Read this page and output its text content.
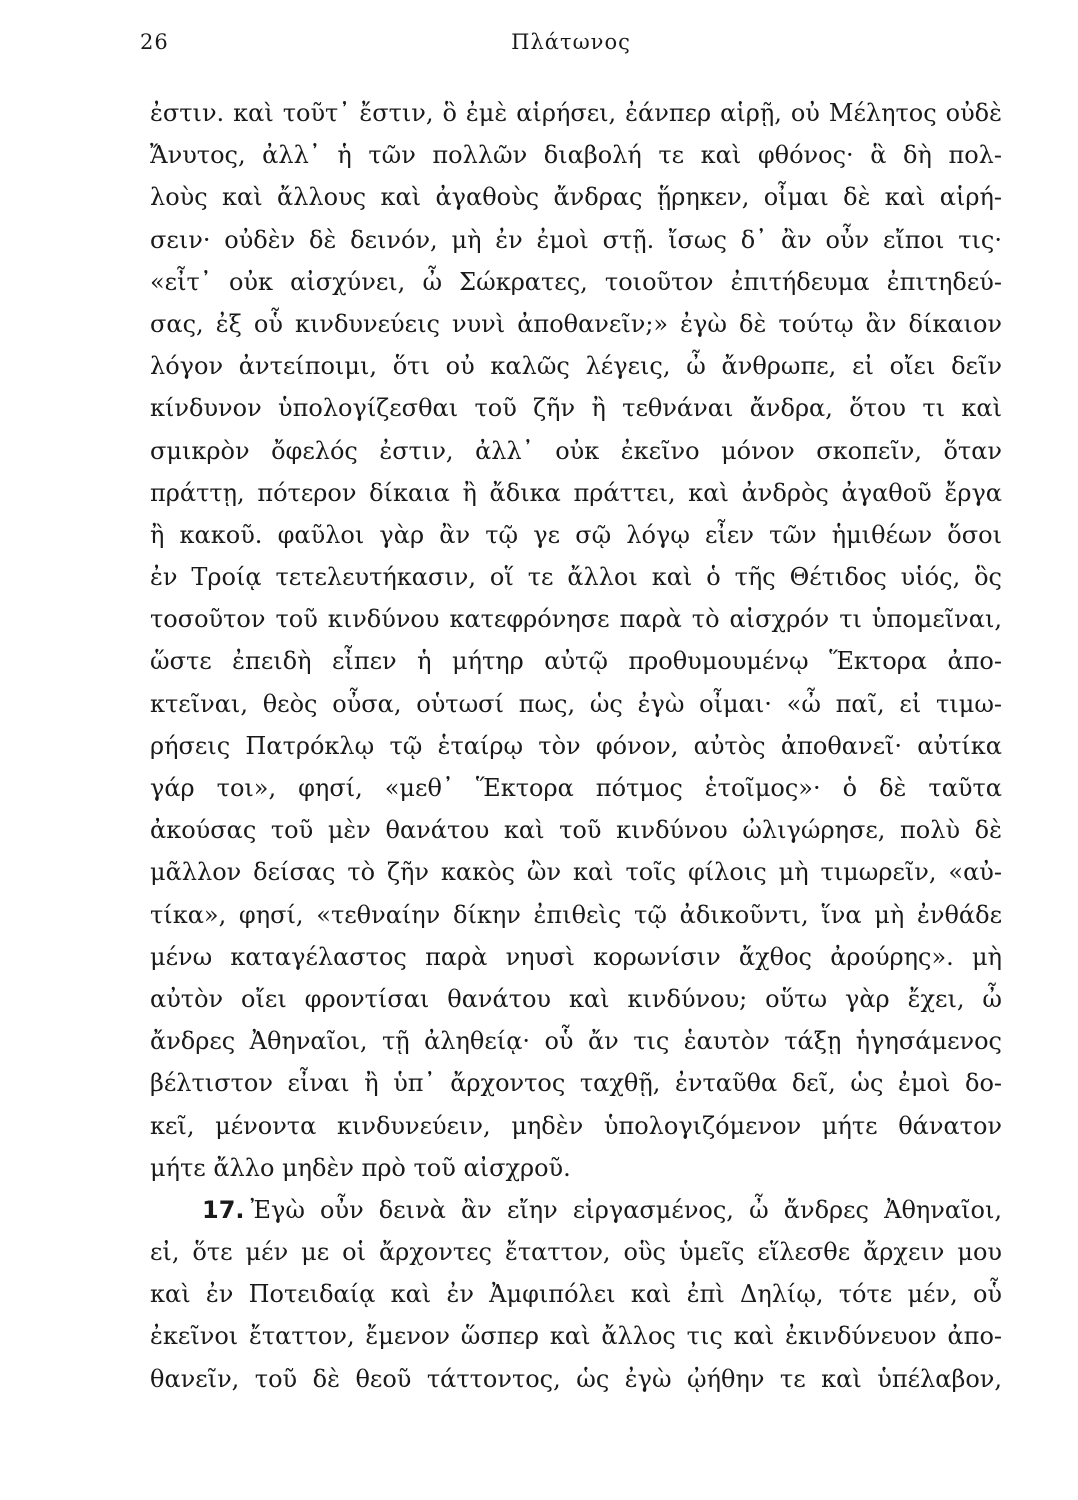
26	Πλάτωνος
ἐστιν. καὶ τοῦτ᾽ ἔστιν, ὃ ἐμὲ αἱρήσει, ἐάνπερ αἱρῇ, οὐ Μέλητος οὐδὲ
Ἄνυτος, ἀλλ᾽ ἡ τῶν πολλῶν διαβολή τε καὶ φθόνος· ἃ δὴ πολ-
λοὺς καὶ ἄλλους καὶ ἀγαθοὺς ἄνδρας ᾕρηκεν, οἶμαι δὲ καὶ αἱρή-
σειν· οὐδὲν δὲ δεινόν, μὴ ἐν ἐμοὶ στῇ. ἴσως δ᾽ ἂν οὖν εἴποι τις·
«εἶτ᾽ οὐκ αἰσχύνει, ὦ Σώκρατες, τοιοῦτον ἐπιτήδευμα ἐπιτηδεύ-
σας, ἐξ οὗ κινδυνεύεις νυνὶ ἀποθανεῖν;» ἐγὼ δὲ τούτῳ ἂν δίκαιον
λόγον ἀντείποιμι, ὅτι οὐ καλῶς λέγεις, ὦ ἄνθρωπε, εἰ οἴει δεῖν
κίνδυνον ὑπολογίζεσθαι τοῦ ζῆν ἢ τεθνάναι ἄνδρα, ὅτου τι καὶ
σμικρὸν ὄφελός ἐστιν, ἀλλ᾽ οὐκ ἐκεῖνο μόνον σκοπεῖν, ὅταν
πράττῃ, πότερον δίκαια ἢ ἄδικα πράττει, καὶ ἀνδρὸς ἀγαθοῦ ἔργα
ἢ κακοῦ. φαῦλοι γὰρ ἂν τῷ γε σῷ λόγῳ εἶεν τῶν ἡμιθέων ὅσοι
ἐν Τροίᾳ τετελευτήκασιν, οἵ τε ἄλλοι καὶ ὁ τῆς Θέτιδος υἱός, ὃς
τοσοῦτον τοῦ κινδύνου κατεφρόνησε παρὰ τὸ αἰσχρόν τι ὑπομεῖναι,
ὥστε ἐπειδὴ εἶπεν ἡ μήτηρ αὐτῷ προθυμουμένῳ Ἕκτορα ἀπο-
κτεῖναι, θεὸς οὖσα, οὑτωσί πως, ὡς ἐγὼ οἶμαι· «ὦ παῖ, εἰ τιμω-
ρήσεις Πατρόκλῳ τῷ ἑταίρῳ τὸν φόνον, αὐτὸς ἀποθανεῖ· αὐτίκα
γάρ τοι», φησί, «μεθ᾽ Ἕκτορα πότμος ἑτοῖμος»· ὁ δὲ ταῦτα
ἀκούσας τοῦ μὲν θανάτου καὶ τοῦ κινδύνου ὠλιγώρησε, πολὺ δὲ
μᾶλλον δείσας τὸ ζῆν κακὸς ὢν καὶ τοῖς φίλοις μὴ τιμωρεῖν, «αὐ-
τίκα», φησί, «τεθναίην δίκην ἐπιθεὶς τῷ ἀδικοῦντι, ἵνα μὴ ἐνθάδε
μένω καταγέλαστος παρὰ νηυσὶ κορωνίσιν ἄχθος ἀρούρης». μὴ
αὐτὸν οἴει φροντίσαι θανάτου καὶ κινδύνου; οὕτω γὰρ ἔχει, ὦ
ἄνδρες Ἀθηναῖοι, τῇ ἀληθείᾳ· οὗ ἄν τις ἑαυτὸν τάξῃ ἡγησάμενος
βέλτιστον εἶναι ἢ ὑπ᾽ ἄρχοντος ταχθῇ, ἐνταῦθα δεῖ, ὡς ἐμοὶ δο-
κεῖ, μένοντα κινδυνεύειν, μηδὲν ὑπολογιζόμενον μήτε θάνατον
μήτε ἄλλο μηδὲν πρὸ τοῦ αἰσχροῦ.
17. Ἐγὼ οὖν δεινὰ ἂν εἴην εἰργασμένος, ὦ ἄνδρες Ἀθηναῖοι,
εἰ, ὅτε μέν με οἱ ἄρχοντες ἔταττον, οὓς ὑμεῖς εἵλεσθε ἄρχειν μου
καὶ ἐν Ποτειδαίᾳ καὶ ἐν Ἀμφιπόλει καὶ ἐπὶ Δηλίῳ, τότε μέν, οὗ
ἐκεῖνοι ἔταττον, ἔμενον ὥσπερ καὶ ἄλλος τις καὶ ἐκινδύνευον ἀπο-
θανεῖν, τοῦ δὲ θεοῦ τάττοντος, ὡς ἐγὼ ᾠήθην τε καὶ ὑπέλαβον,
